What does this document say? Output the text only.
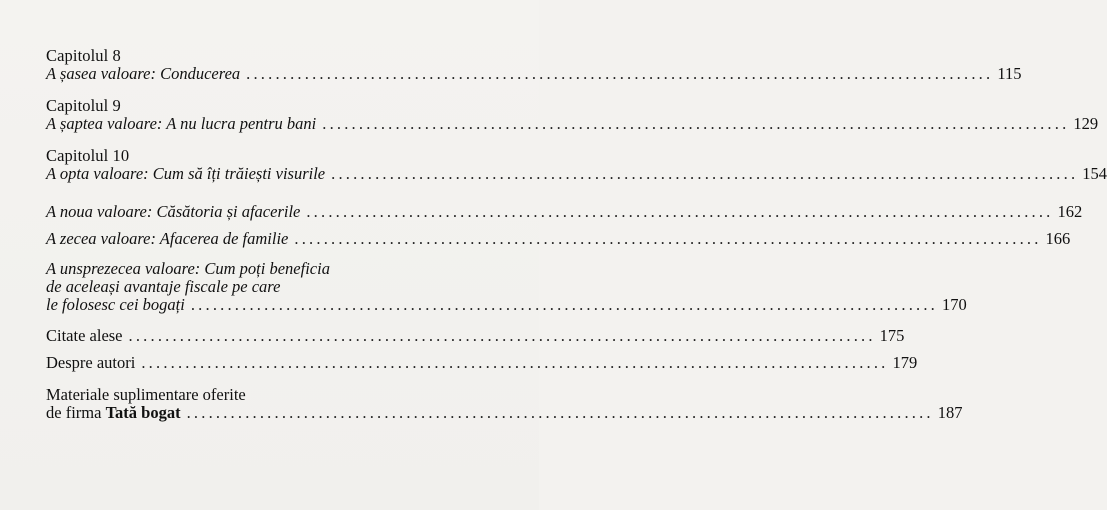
Capitolul 8
A șasea valoare: Conducerea ...................................................................................................... 115
Capitolul 9
A șaptea valoare: A nu lucra pentru bani ...................................................................................................... 129
Capitolul 10
A opta valoare: Cum să îți trăiești visurile ...................................................................................................... 154
A noua valoare: Căsătoria și afacerile ...................................................................................................... 162
A zecea valoare: Afacerea de familie ...................................................................................................... 166
A unsprezecea valoare: Cum poți beneficia
de aceleași avantaje fiscale pe care
le folosesc cei bogați ...................................................................................................... 170
Citate alese ...................................................................................................... 175
Despre autori ...................................................................................................... 179
Materiale suplimentare oferite
de firma Tată bogat ...................................................................................................... 187
